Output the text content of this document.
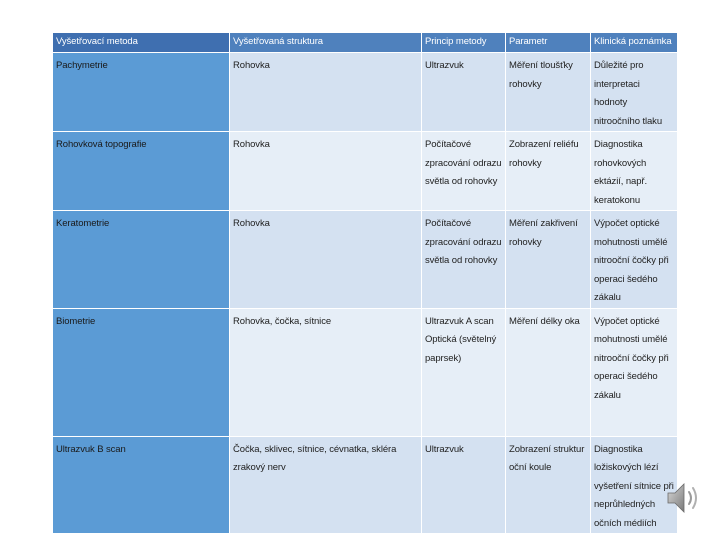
Vyšetřovací metoda	Vyšetřovaná struktura	Princip metody	Parametr	Klinická poznámka
Pachymetrie	Rohovka	Ultrazvuk	Měření tloušťky rohovky	Důležité pro interpretaci hodnoty nitroočního tlaku
Rohovková topografie	Rohovka	Počítačové zpracování odrazu světla od rohovky	Zobrazení reliéfu rohovky	Diagnostika rohovkových ektázií, např. keratokonu
Keratometrie	Rohovka	Počítačové zpracování odrazu světla od rohovky	Měření zakřivení rohovky	Výpočet optické mohutnosti umělé nitrooční čočky při operaci šedého zákalu
Biometrie	Rohovka, čočka, sítnice	Ultrazvuk A scan Optická (světelný paprsek)	Měření délky oka	Výpočet optické mohutnosti umělé nitrooční čočky při operaci šedého zákalu
Ultrazvuk B scan	Čočka, sklivec, sítnice, cévnatka, skléra zrakový nerv	Ultrazvuk	Zobrazení struktur oční koule	Diagnostika ložiskových lézí vyšetření sítnice při neprůhledných očních médiích
